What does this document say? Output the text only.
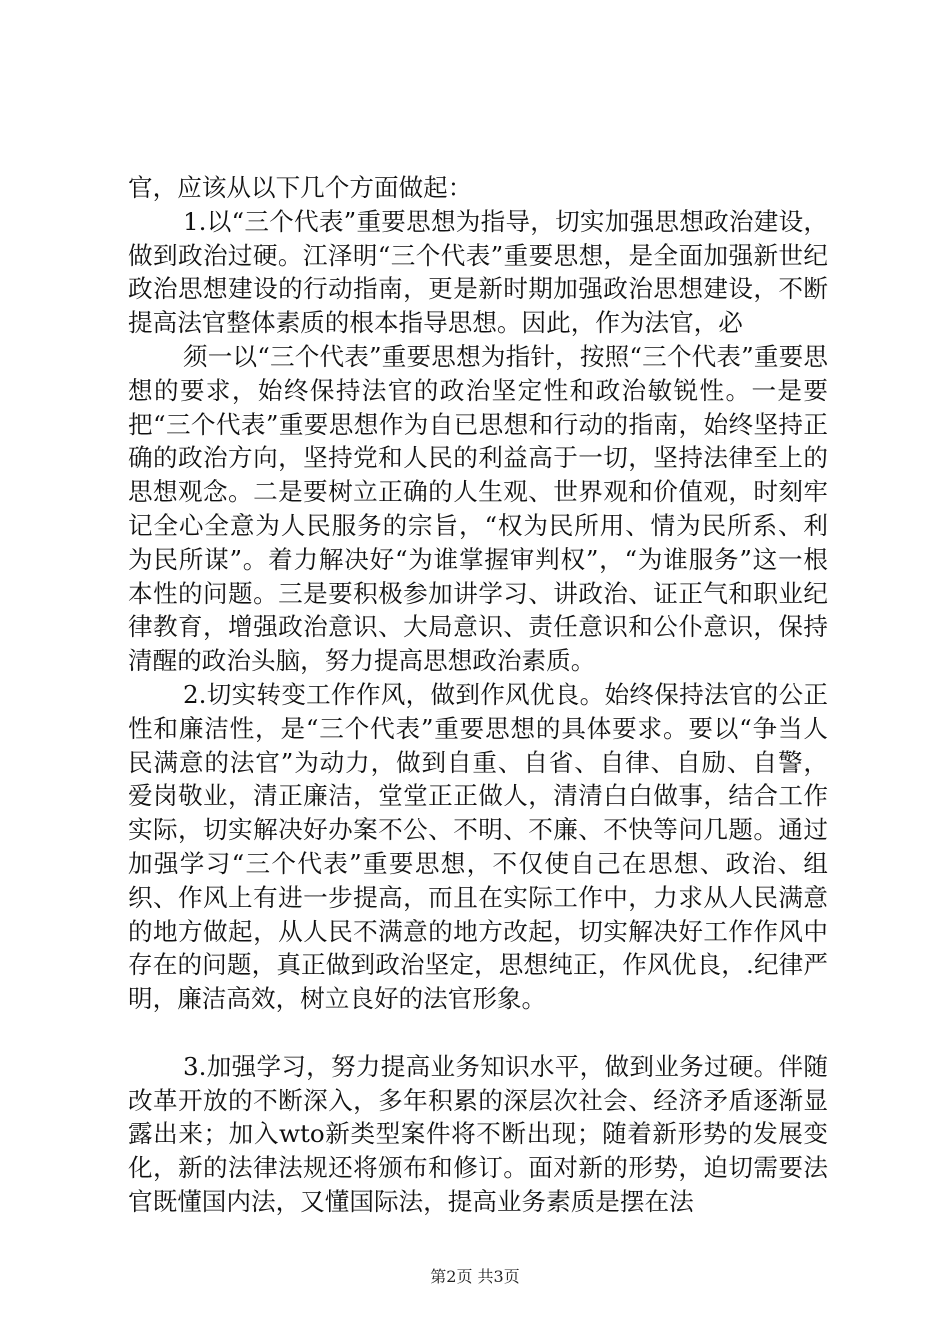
官，应该从以下几个方面做起：

1.以“三个代表”重要思想为指导，切实加强思想政治建设，做到政治过硬。江泽明“三个代表”重要思想，是全面加强新世纪政治思想建设的行动指南，更是新时期加强政治思想建设，不断提高法官整体素质的根本指导思想。因此，作为法官，必

须一以“三个代表”重要思想为指针，按照“三个代表”重要思想的要求，始终保持法官的政治坚定性和政治敏锐性。一是要把“三个代表”重要思想作为自已思想和行动的指南，始终坚持正确的政治方向，坚持党和人民的利益高于一切，坚持法律至上的思想观念。二是要树立正确的人生观、世界观和价值观，时刻牢记全心全意为人民服务的宗旨，“权为民所用、情为民所系、利为民所谋”。着力解决好“为谁掌握审判权”，“为谁服务”这一根本性的问题。三是要积极参加讲学习、讲政治、证正气和职业纪律教育，增强政治意识、大局意识、责任意识和公仆意识，保持清醒的政治头脑，努力提高思想政治素质。

2.切实转变工作作风，做到作风优良。始终保持法官的公正性和廉洁性，是“三个代表”重要思想的具体要求。要以“争当人民满意的法官”为动力，做到自重、自省、自律、自励、自警，爱岗敬业，清正廉洁，堂堂正正做人，清清白白做事，结合工作实际，切实解决好办案不公、不明、不廉、不快等问几题。通过加强学习“三个代表”重要思想，不仅使自己在思想、政治、组织、作风上有进一步提高，而且在实际工作中，力求从人民满意的地方做起，从人民不满意的地方改起，切实解决好工作作风中存在的问题，真正做到政治坚定，思想纯正，作风优良，.纪律严明，廉洁高效，树立良好的法官形象。

3.加强学习，努力提高业务知识水平，做到业务过硬。伴随改革开放的不断深入，多年积累的深层次社会、经济矛盾逐渐显露出来；加入wto新类型案件将不断出现；随着新形势的发展变化，新的法律法规还将颁布和修订。面对新的形势，迫切需要法官既懂国内法，又懂国际法，提高业务素质是摆在法

第2页 共3页
